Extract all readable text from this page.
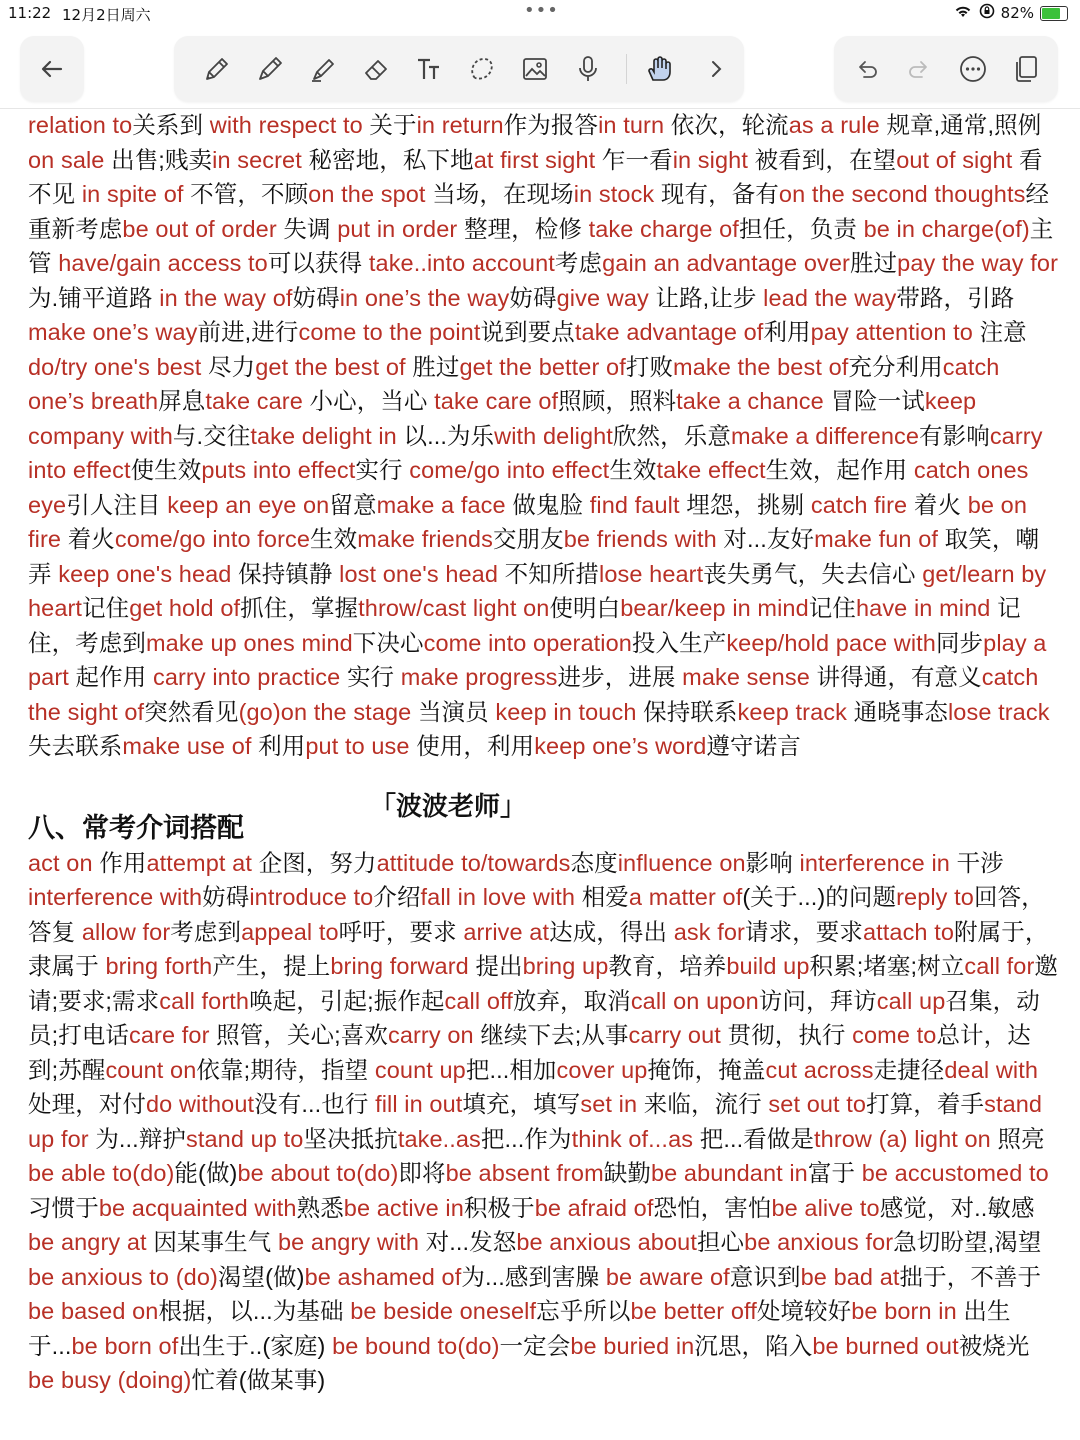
11:22 12月2日周六	•••	82%
relation to关系到 with respect to 关于in return作为报答in turn 依次，轮流as a rule 规章,通常,照例 on sale 出售;贱卖in secret 秘密地，私下地at first sight 乍一看in sight 被看到，在望out of sight 看不见 in spite of 不管，不顾on the spot 当场，在现场in stock 现有，备有on the second thoughts经重新考虑be out of order 失调 put in order 整理，检修 take charge of担任，负责 be in charge(of)主管 have/gain access to可以获得 take..into account考虑gain an advantage over胜过pay the way for 为.铺平道路 in the way of妨碍in one’s the way妨碍give way 让路,让步 lead the way带路，引路 make one’s way前进,进行come to the point说到要点take advantage of利用pay attention to 注意do/try one's best 尽力get the best of 胜过get the better of打败make the best of充分利用catch one’s breath屏息take care 小心，当心 take care of照顾，照料take a chance 冒险一试keep company with与.交往take delight in 以...为乐with delight欣然，乐意make a difference有影响carry into effect使生效puts into effect实行 come/go into effect生效take effect生效，起作用 catch ones eye引人注目 keep an eye on留意make a face 做鬼脸 find fault 埋怨，挑剔 catch fire 着火 be on fire 着火come/go into force生效make friends交朋友be friends with 对...友好make fun of 取笑，嘲弄 keep one's head 保持镇静 lost one's head 不知所措lose heart丧失勇气，失去信心 get/learn by heart记住get hold of抓住，掌握throw/cast light on使明白bear/keep in mind记住have in mind 记住，考虑到make up ones mind下决心come into operation投入生产keep/hold pace with同步play a part 起作用 carry into practice 实行 make progress进步，进展 make sense 讲得通，有意义catch the sight of突然看见(go)on the stage 当演员 keep in touch 保持联系keep track 通晓事态lose track 失去联系make use of 利用put to use 使用，利用keep one’s word遵守诺言
八、常考介词搭配
「波波老师」
act on 作用attempt at 企图，努力attitude to/towards态度influence on影响 interference in 干涉interference with妨碍introduce to介绍fall in love with 相爱a matter of(关于...)的问题reply to回答，答复 allow for考虑到appeal to呼吁，要求 arrive at达成，得出 ask for请求，要求attach to附属于，隶属于 bring forth产生，提上bring forward 提出bring up教育，培养build up积累;堵塞;树立call for邀请;要求;需求call forth唤起，引起;振作起call off放弃，取消call on upon访问，拜访call up召集，动员;打电话care for 照管，关心;喜欢carry on 继续下去;从事carry out 贯彻，执行 come to总计，达到;苏醒count on依靠;期待，指望 count up把...相加cover up掩饰，掩盖cut across走捷径deal with处理，对付do without没有...也行 fill in out填充，填写set in 来临，流行 set out to打算，着手stand up for 为...辩护stand up to坚决抵抗take..as把...作为think of...as 把...看做是throw (a) light on 照亮be able to(do)能(做)be about to(do)即将be absent from缺勤be abundant in富于 be accustomed to习惯于be acquainted with熟悉be active in积极于be afraid of恐怕，害怕be alive to感觉，对..敏感be angry at 因某事生气 be angry with 对...发怒be anxious about担心be anxious for急切盼望,渴望be anxious to (do)渴望(做)be ashamed of为...感到害臊 be aware of意识到be bad at拙于，不善于be based on根据，以...为基础 be beside oneself忘乎所以be better off处境较好be born in 出生于...be born of出生于..(家庭) be bound to(do)一定会be buried in沉思，陷入be burned out被烧光 be busy (doing)忙着(做某事)
